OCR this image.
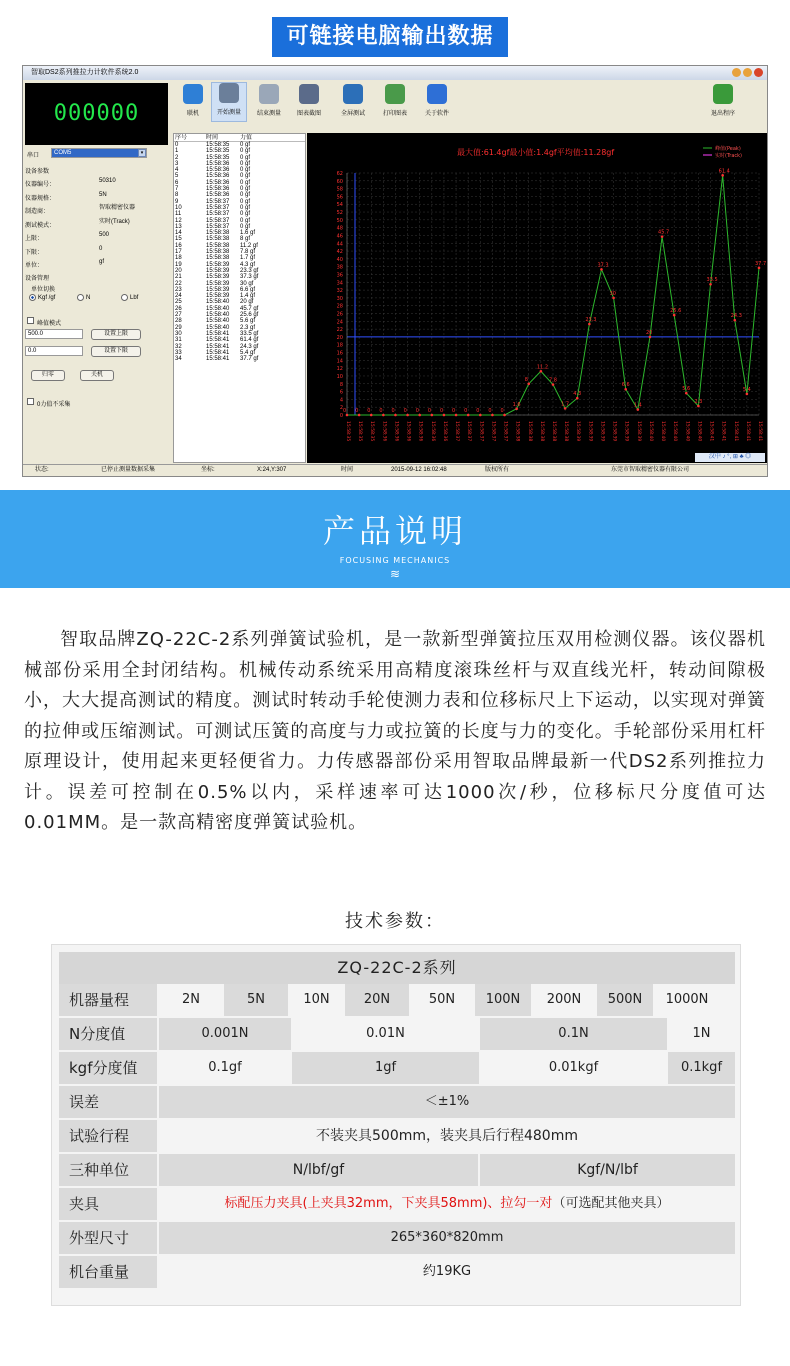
可链接电脑输出数据
智取DS2系列推拉力计软件系统2.0
000000	联机	开始测量	结束测量	图表截图	全屏测试	打印图表	关于软件	退出程序
串口	COM5	▾
设备参数
仪器编号：
50310
仪器规格：
5N
制造商：
智取精密仪器
测试模式：
实时(Track)
上限：
500
下限：
0
单位：
gf
设备管理
单位切换
Kgf /gf	N	Lbf
峰值模式
500.0	设置上限
0.0	设置下限
归零	关机
0力值不采集
序号	时间	力值
0	15:58:35	0 gf
1	15:58:35	0 gf
2	15:58:35	0 gf
3	15:58:36	0 gf
4	15:58:36	0 gf
5	15:58:36	0 gf
6	15:58:36	0 gf
7	15:58:36	0 gf
8	15:58:36	0 gf
9	15:58:37	0 gf
10	15:58:37	0 gf
11	15:58:37	0 gf
12	15:58:37	0 gf
13	15:58:37	0 gf
14	15:58:38	1.6 gf
15	15:58:38	8 gf
16	15:58:38	11.2 gf
17	15:58:38	7.8 gf
18	15:58:38	1.7 gf
19	15:58:39	4.3 gf
20	15:58:39	23.3 gf
21	15:58:39	37.3 gf
22	15:58:39	30 gf
23	15:58:39	6.6 gf
24	15:58:39	1.4 gf
25	15:58:40	20 gf
26	15:58:40	45.7 gf
27	15:58:40	25.6 gf
28	15:58:40	5.6 gf
29	15:58:40	2.3 gf
30	15:58:41	33.5 gf
31	15:58:41	61.4 gf
32	15:58:41	24.3 gf
33	15:58:41	5.4 gf
34	15:58:41	37.7 gf
最大值:61.4gf最小值:1.4gf平均值:11.28gf	峰值(Peak)
实时(Track)
0
2
4
6
8
10
12
14
16
18
20
22
24
26
28
30
32
34
36
38
40
42
44
46
48
50
52
54
56
58
60
62
15:58:35 15:58:35 15:58:35 15:58:36 15:58:36 15:58:36 15:58:36 15:58:36 15:58:36 15:58:37 15:58:37 15:58:37 15:58:37 15:58:37 15:58:38 15:58:38 15:58:38 15:58:38 15:58:38 15:58:39 15:58:39 15:58:39 15:58:39 15:58:39 15:58:39 15:58:40 15:58:40 15:58:40 15:58:40 15:58:40 15:58:41 15:58:41 15:58:41 15:58:41 15:58:41
0 0 0 0 0 0 0 0 0 0 0 0 0 0
1.6
8
11.2
7.8
1.7
4.3
23.3
37.3
30
6.6
1.4
20
45.7
25.6
5.6
2.3
33.5
61.4
24.3
5.4
37.7
状态:	已停止测量数据采集	坐标:	X:24,Y:307	时间	2015-09-12 16:02:48	版权所有	东莞市智取精密仪器有限公司
汉中 ♪ °, ⊞ ♣ ◎
产品说明
FOCUSING MECHANICS
≋
智取品牌ZQ-22C-2系列弹簧试验机，是一款新型弹簧拉压双用检测仪器。该仪器机械部份采用全封闭结构。机械传动系统采用高精度滚珠丝杆与双直线光杆，转动间隙极小，大大提高测试的精度。测试时转动手轮使测力表和位移标尺上下运动，以实现对弹簧的拉伸或压缩测试。可测试压簧的高度与力或拉簧的长度与力的变化。手轮部份采用杠杆原理设计，使用起来更轻便省力。力传感器部份采用智取品牌最新一代DS2系列推拉力计。误差可控制在0.5%以内，采样速率可达1000次/秒，位移标尺分度值可达0.01MM。是一款高精密度弹簧试验机。
技术参数：
ZQ-22C-2系列
机器量程	2N	5N	10N	20N	50N	100N	200N	500N	1000N
N分度值	0.001N	0.01N	0.1N	1N
kgf分度值	0.1gf	1gf	0.01kgf	0.1kgf
误差	＜±1%
试验行程	不装夹具500mm，装夹具后行程480mm
三种单位	N/lbf/gf	Kgf/N/lbf
夹具	标配压力夹具(上夹具32mm，下夹具58mm)、拉勾一对（可选配其他夹具）
外型尺寸	265*360*820mm
机台重量	约19KG
